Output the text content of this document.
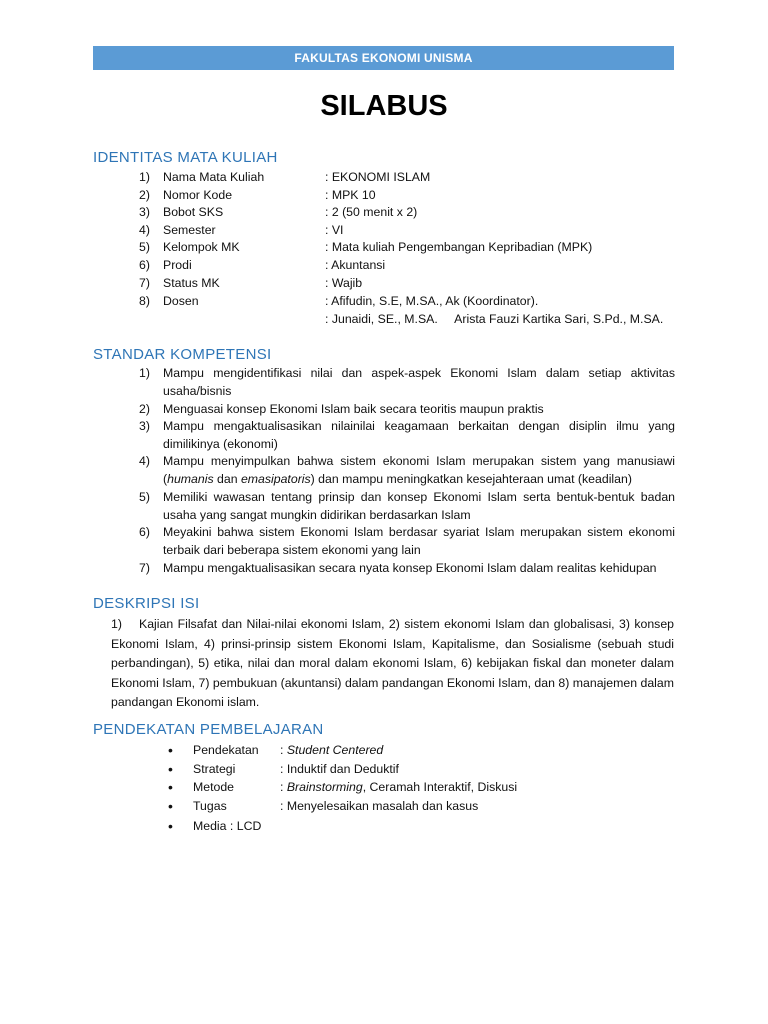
FAKULTAS EKONOMI UNISMA
SILABUS
IDENTITAS MATA KULIAH
1) Nama Mata Kuliah	: EKONOMI ISLAM
2) Nomor Kode	: MPK 10
3) Bobot SKS	: 2 (50 menit x 2)
4) Semester	: VI
5) Kelompok MK	: Mata kuliah Pengembangan Kepribadian (MPK)
6) Prodi	: Akuntansi
7) Status MK	: Wajib
8) Dosen	: Afifudin, S.E, M.SA., Ak (Koordinator).
: Junaidi, SE., M.SA.     Arista Fauzi Kartika Sari, S.Pd., M.SA.
STANDAR KOMPETENSI
1) Mampu mengidentifikasi nilai dan aspek-aspek Ekonomi Islam dalam setiap aktivitas usaha/bisnis
2) Menguasai konsep Ekonomi Islam baik secara teoritis maupun praktis
3) Mampu mengaktualisasikan nilainilai keagamaan berkaitan dengan disiplin ilmu yang dimilikinya (ekonomi)
4) Mampu menyimpulkan bahwa sistem ekonomi Islam merupakan sistem yang manusiawi (humanis dan emasipatoris) dan mampu meningkatkan kesejahteraan umat (keadilan)
5) Memiliki wawasan tentang prinsip dan konsep Ekonomi Islam serta bentuk-bentuk badan usaha yang sangat mungkin didirikan berdasarkan Islam
6) Meyakini bahwa sistem Ekonomi Islam berdasar syariat Islam merupakan sistem ekonomi terbaik dari beberapa sistem ekonomi yang lain
7) Mampu mengaktualisasikan secara nyata konsep Ekonomi Islam dalam realitas kehidupan
DESKRIPSI ISI
1) Kajian Filsafat dan Nilai-nilai ekonomi Islam, 2) sistem ekonomi Islam dan globalisasi, 3) konsep Ekonomi Islam, 4) prinsi-prinsip sistem Ekonomi Islam, Kapitalisme, dan Sosialisme (sebuah studi perbandingan), 5) etika, nilai dan moral dalam ekonomi Islam, 6) kebijakan fiskal dan moneter dalam Ekonomi Islam, 7) pembukuan (akuntansi) dalam pandangan Ekonomi Islam, dan 8) manajemen dalam pandangan Ekonomi islam.
PENDEKATAN PEMBELAJARAN
• Pendekatan : Student Centered
• Strategi	: Induktif dan Deduktif
• Metode	: Brainstorming, Ceramah Interaktif, Diskusi
• Tugas	: Menyelesaikan masalah dan kasus
• Media : LCD
